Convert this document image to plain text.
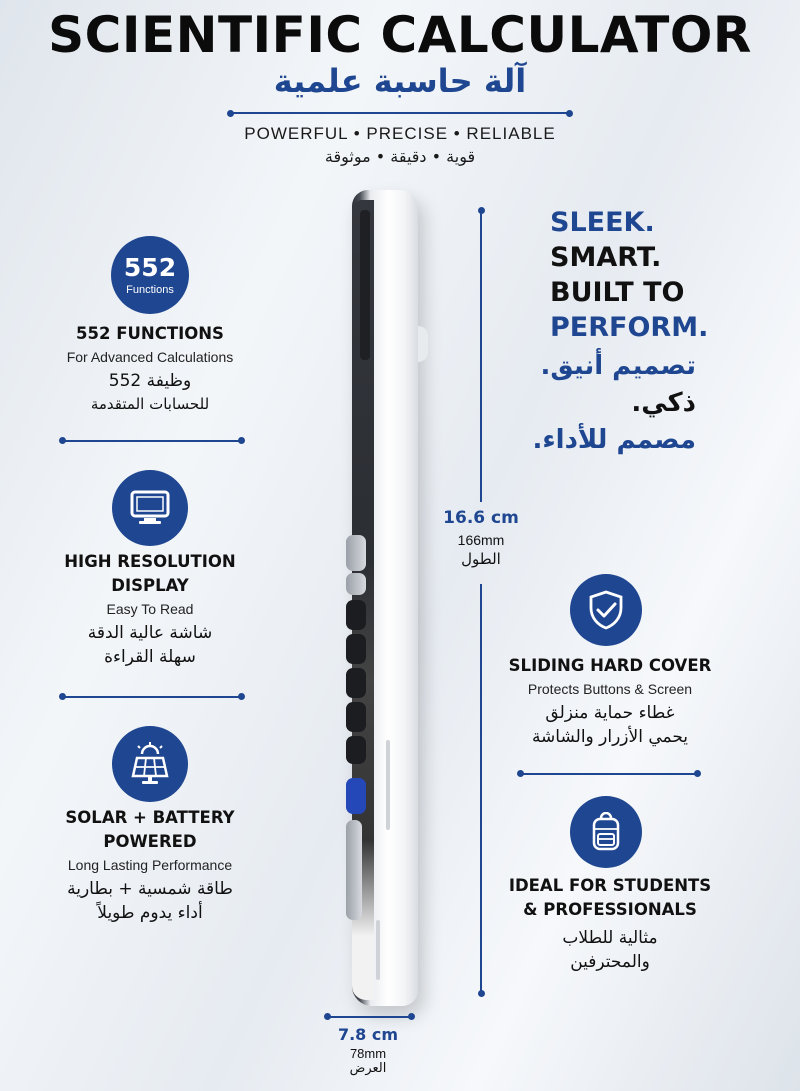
SCIENTIFIC CALCULATOR
آلة حاسبة علمية
POWERFUL • PRECISE • RELIABLE
قوية • دقيقة • موثوقة
552
Functions
552 FUNCTIONS
For Advanced Calculations
552 وظيفة
للحسابات المتقدمة
HIGH RESOLUTION
DISPLAY
Easy To Read
شاشة عالية الدقة
سهلة القراءة
SOLAR + BATTERY
POWERED
Long Lasting Performance
طاقة شمسية + بطارية
أداء يدوم طويلاً
16.6 cm
166mm
الطول
7.8 cm
78mm
العرض
SLEEK.
SMART.
BUILT TO
PERFORM.
تصميم أنيق.
ذكي.
مصمم للأداء.
SLIDING HARD COVER
Protects Buttons & Screen
غطاء حماية منزلق
يحمي الأزرار والشاشة
IDEAL FOR STUDENTS
& PROFESSIONALS
مثالية للطلاب
والمحترفين
